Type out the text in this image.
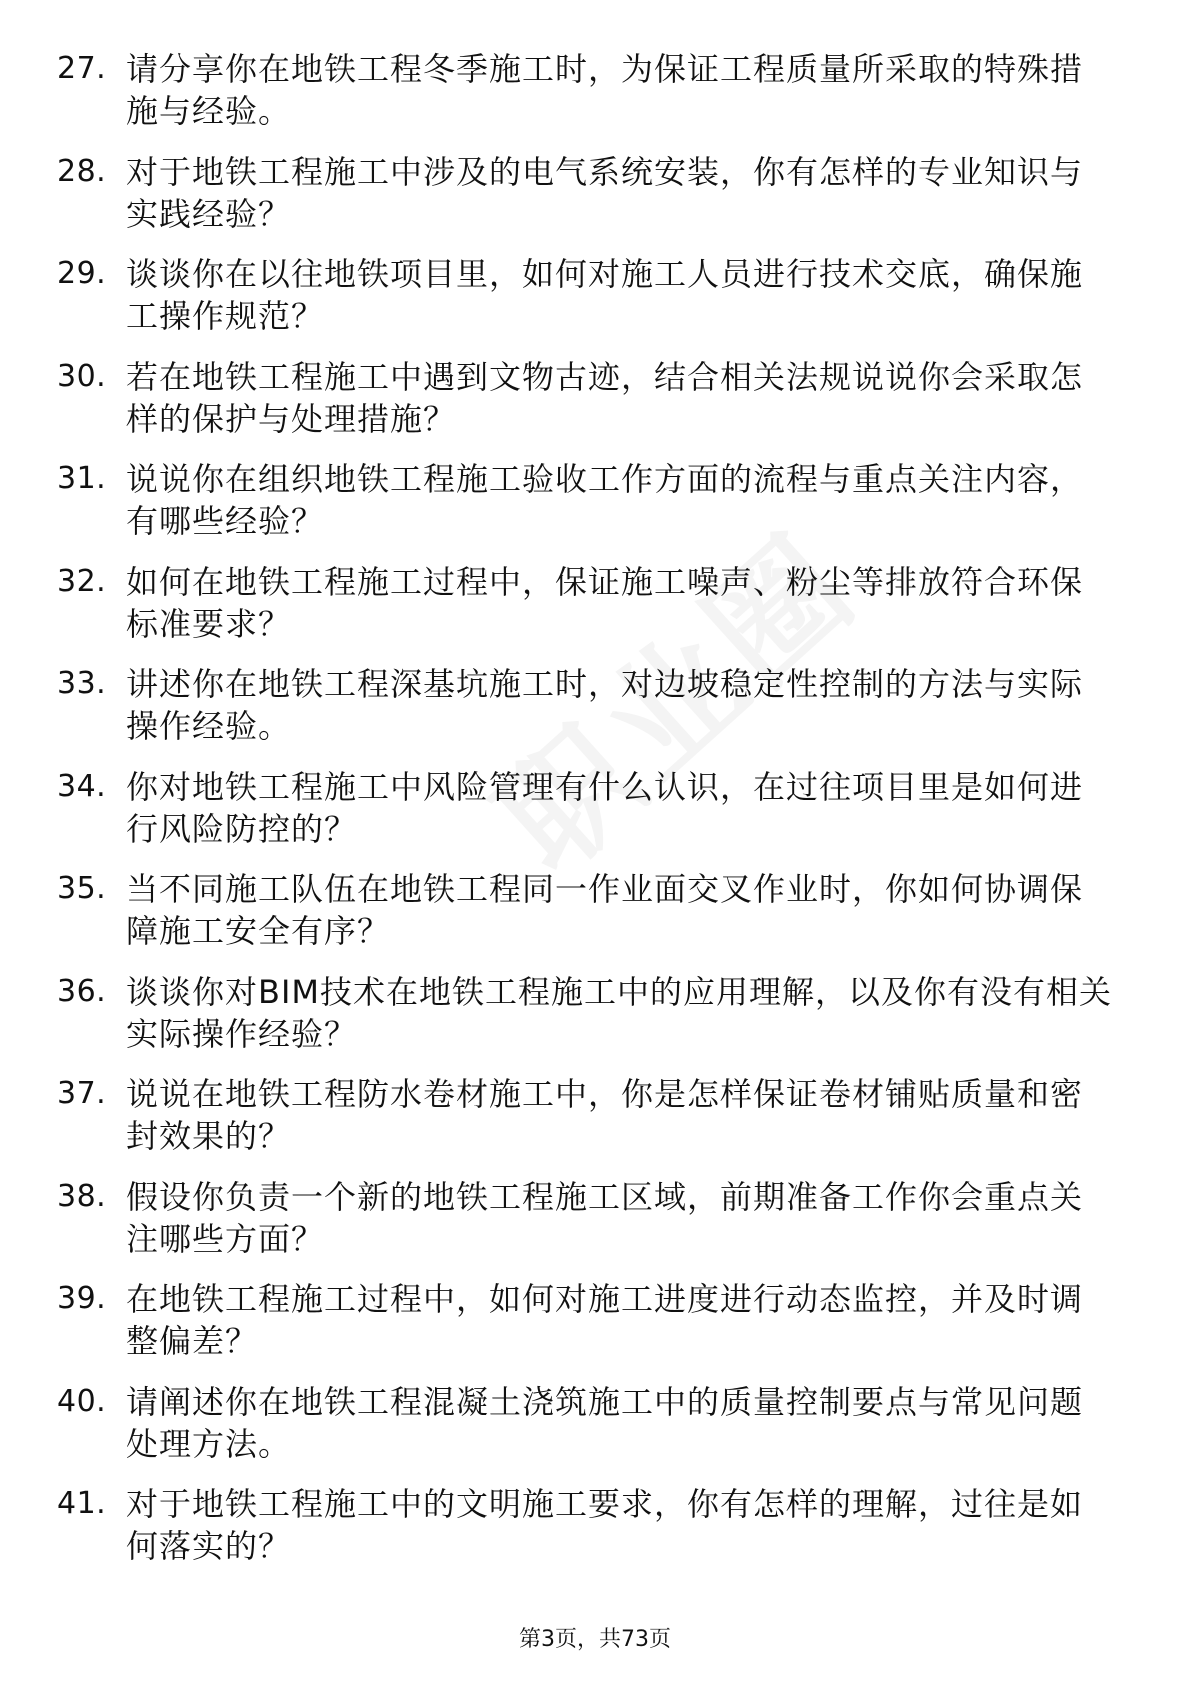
27. 请分享你在地铁工程冬季施工时，为保证工程质量所采取的特殊措施与经验。
28. 对于地铁工程施工中涉及的电气系统安装，你有怎样的专业知识与实践经验？
29. 谈谈你在以往地铁项目里，如何对施工人员进行技术交底，确保施工操作规范？
30. 若在地铁工程施工中遇到文物古迹，结合相关法规说说你会采取怎样的保护与处理措施？
31. 说说你在组织地铁工程施工验收工作方面的流程与重点关注内容，有哪些经验？
32. 如何在地铁工程施工过程中，保证施工噪声、粉尘等排放符合环保标准要求？
33. 讲述你在地铁工程深基坑施工时，对边坡稳定性控制的方法与实际操作经验。
34. 你对地铁工程施工中风险管理有什么认识，在过往项目里是如何进行风险防控的？
35. 当不同施工队伍在地铁工程同一作业面交叉作业时，你如何协调保障施工安全有序？
36. 谈谈你对BIM技术在地铁工程施工中的应用理解，以及你有没有相关实际操作经验？
37. 说说在地铁工程防水卷材施工中，你是怎样保证卷材铺贴质量和密封效果的？
38. 假设你负责一个新的地铁工程施工区域，前期准备工作你会重点关注哪些方面？
39. 在地铁工程施工过程中，如何对施工进度进行动态监控，并及时调整偏差？
40. 请阐述你在地铁工程混凝土浇筑施工中的质量控制要点与常见问题处理方法。
41. 对于地铁工程施工中的文明施工要求，你有怎样的理解，过往是如何落实的？
第3页，共73页
